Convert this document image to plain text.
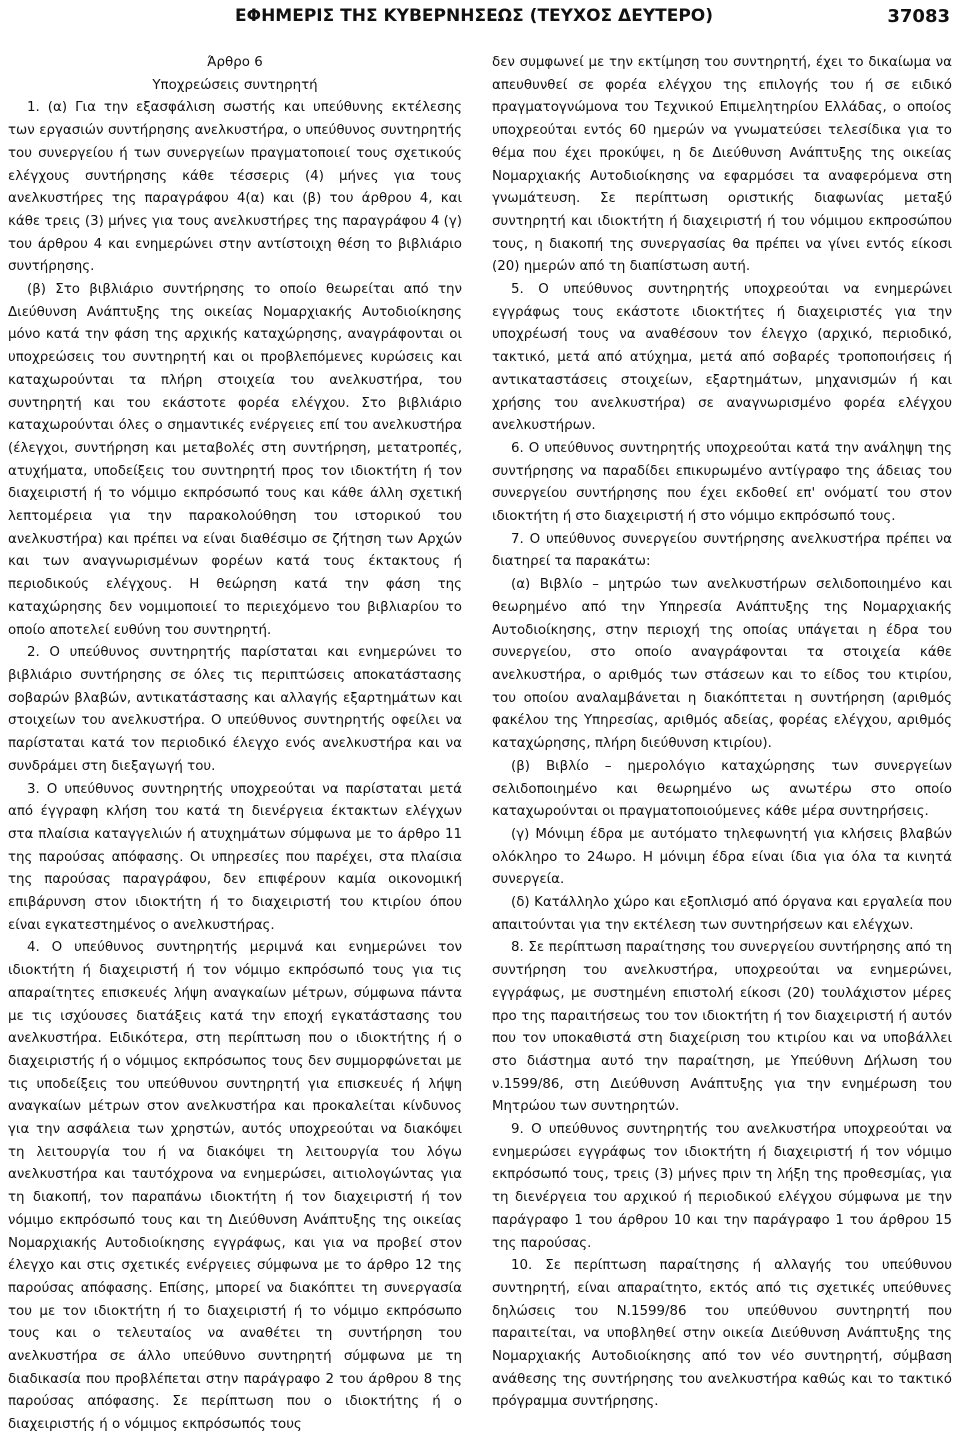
ΕΦΗΜΕΡΙΣ ΤΗΣ ΚΥΒΕΡΝΗΣΕΩΣ (ΤΕΥΧΟΣ ΔΕΥΤΕΡΟ)	37083

Άρθρο 6

Υποχρεώσεις συντηρητή

1. (α) Για την εξασφάλιση σωστής και υπεύθυνης εκτέλεσης των εργασιών συντήρησης ανελκυστήρα, ο υπεύθυνος συντηρητής του συνεργείου ή των συνεργείων πραγματοποιεί τους σχετικούς ελέγχους συντήρησης κάθε τέσσερις (4) μήνες για τους ανελκυστήρες της παραγράφου 4(α) και (β) του άρθρου 4, και κάθε τρεις (3) μήνες για τους ανελκυστήρες της παραγράφου 4 (γ) του άρθρου 4 και ενημερώνει στην αντίστοιχη θέση το βιβλιάριο συντήρησης.

(β) Στο βιβλιάριο συντήρησης το οποίο θεωρείται από την Διεύθυνση Ανάπτυξης της οικείας Νομαρχιακής Αυτοδιοίκησης μόνο κατά την φάση της αρχικής καταχώρησης, αναγράφονται οι υποχρεώσεις του συντηρητή και οι προβλεπόμενες κυρώσεις και καταχωρούνται τα πλήρη στοιχεία του ανελκυστήρα, του συντηρητή και του εκάστοτε φορέα ελέγχου. Στο βιβλιάριο καταχωρούνται όλες ο σημαντικές ενέργειες επί του ανελκυστήρα (έλεγχοι, συντήρηση και μεταβολές στη συντήρηση, μετατροπές, ατυχήματα, υποδείξεις του συντηρητή προς τον ιδιοκτήτη ή τον διαχειριστή ή το νόμιμο εκπρόσωπό τους και κάθε άλλη σχετική λεπτομέρεια για την παρακολούθηση του ιστορικού του ανελκυστήρα) και πρέπει να είναι διαθέσιμο σε ζήτηση των Αρχών και των αναγνωρισμένων φορέων κατά τους έκτακτους ή περιοδικούς ελέγχους. Η θεώρηση κατά την φάση της καταχώρησης δεν νομιμοποιεί το περιεχόμενο του βιβλιαρίου το οποίο αποτελεί ευθύνη του συντηρητή.

2. Ο υπεύθυνος συντηρητής παρίσταται και ενημερώνει το βιβλιάριο συντήρησης σε όλες τις περιπτώσεις αποκατάστασης σοβαρών βλαβών, αντικατάστασης και αλλαγής εξαρτημάτων και στοιχείων του ανελκυστήρα. Ο υπεύθυνος συντηρητής οφείλει να παρίσταται κατά τον περιοδικό έλεγχο ενός ανελκυστήρα και να συνδράμει στη διεξαγωγή του.

3. Ο υπεύθυνος συντηρητής υποχρεούται να παρίσταται μετά από έγγραφη κλήση του κατά τη διενέργεια έκτακτων ελέγχων στα πλαίσια καταγγελιών ή ατυχημάτων σύμφωνα με το άρθρο 11 της παρούσας απόφασης. Οι υπηρεσίες που παρέχει, στα πλαίσια της παρούσας παραγράφου, δεν επιφέρουν καμία οικονομική επιβάρυνση στον ιδιοκτήτη ή το διαχειριστή του κτιρίου όπου είναι εγκατεστημένος ο ανελκυστήρας.

4. Ο υπεύθυνος συντηρητής μεριμνά και ενημερώνει τον ιδιοκτήτη ή διαχειριστή ή τον νόμιμο εκπρόσωπό τους για τις απαραίτητες επισκευές λήψη αναγκαίων μέτρων, σύμφωνα πάντα με τις ισχύουσες διατάξεις κατά την εποχή εγκατάστασης του ανελκυστήρα. Ειδικότερα, στη περίπτωση που ο ιδιοκτήτης ή ο διαχειριστής ή ο νόμιμος εκπρόσωπος τους δεν συμμορφώνεται με τις υποδείξεις του υπεύθυνου συντηρητή για επισκευές ή λήψη αναγκαίων μέτρων στον ανελκυστήρα και προκαλείται κίνδυνος για την ασφάλεια των χρηστών, αυτός υποχρεούται να διακόψει τη λειτουργία του ή να διακόψει τη λειτουργία του λόγω ανελκυστήρα και ταυτόχρονα να ενημερώσει, αιτιολογώντας για τη διακοπή, τον παραπάνω ιδιοκτήτη ή τον διαχειριστή ή τον νόμιμο εκπρόσωπό τους και τη Διεύθυνση Ανάπτυξης της οικείας Νομαρχιακής Αυτοδιοίκησης εγγράφως, και για να προβεί στον έλεγχο και στις σχετικές ενέργειες σύμφωνα με το άρθρο 12 της παρούσας απόφασης. Επίσης, μπορεί να διακόπτει τη συνεργασία του με τον ιδιοκτήτη ή το διαχειριστή ή το νόμιμο εκπρόσωπο τους και ο τελευταίος να αναθέτει τη συντήρηση του ανελκυστήρα σε άλλο υπεύθυνο συντηρητή σύμφωνα με τη διαδικασία που προβλέπεται στην παράγραφο 2 του άρθρου 8 της παρούσας απόφασης. Σε περίπτωση που ο ιδιοκτήτης ή ο διαχειριστής ή ο νόμιμος εκπρόσωπός τους

δεν συμφωνεί με την εκτίμηση του συντηρητή, έχει το δικαίωμα να απευθυνθεί σε φορέα ελέγχου της επιλογής του ή σε ειδικό πραγματογνώμονα του Τεχνικού Επιμελητηρίου Ελλάδας, ο οποίος υποχρεούται εντός 60 ημερών να γνωματεύσει τελεσίδικα για το θέμα που έχει προκύψει, η δε Διεύθυνση Ανάπτυξης της οικείας Νομαρχιακής Αυτοδιοίκησης να εφαρμόσει τα αναφερόμενα στη γνωμάτευση. Σε περίπτωση οριστικής διαφωνίας μεταξύ συντηρητή και ιδιοκτήτη ή διαχειριστή ή του νόμιμου εκπροσώπου τους, η διακοπή της συνεργασίας θα πρέπει να γίνει εντός είκοσι (20) ημερών από τη διαπίστωση αυτή.

5. Ο υπεύθυνος συντηρητής υποχρεούται να ενημερώνει εγγράφως τους εκάστοτε ιδιοκτήτες ή διαχειριστές για την υποχρέωσή τους να αναθέσουν τον έλεγχο (αρχικό, περιοδικό, τακτικό, μετά από ατύχημα, μετά από σοβαρές τροποποιήσεις ή αντικαταστάσεις στοιχείων, εξαρτημάτων, μηχανισμών ή και χρήσης του ανελκυστήρα) σε αναγνωρισμένο φορέα ελέγχου ανελκυστήρων.

6. Ο υπεύθυνος συντηρητής υποχρεούται κατά την ανάληψη της συντήρησης να παραδίδει επικυρωμένο αντίγραφο της άδειας του συνεργείου συντήρησης που έχει εκδοθεί επ' ονόματί του στον ιδιοκτήτη ή στο διαχειριστή ή στο νόμιμο εκπρόσωπό τους.

7. Ο υπεύθυνος συνεργείου συντήρησης ανελκυστήρα πρέπει να διατηρεί τα παρακάτω:

(α) Βιβλίο – μητρώο των ανελκυστήρων σελιδοποιημένο και θεωρημένο από την Υπηρεσία Ανάπτυξης της Νομαρχιακής Αυτοδιοίκησης, στην περιοχή της οποίας υπάγεται η έδρα του συνεργείου, στο οποίο αναγράφονται τα στοιχεία κάθε ανελκυστήρα, ο αριθμός των στάσεων και το είδος του κτιρίου, του οποίου αναλαμβάνεται η διακόπτεται η συντήρηση (αριθμός φακέλου της Υπηρεσίας, αριθμός αδείας, φορέας ελέγχου, αριθμός καταχώρησης, πλήρη διεύθυνση κτιρίου).

(β) Βιβλίο – ημερολόγιο καταχώρησης των συνεργείων σελιδοποιημένο και θεωρημένο ως ανωτέρω στο οποίο καταχωρούνται οι πραγματοποιούμενες κάθε μέρα συντηρήσεις.

(γ) Μόνιμη έδρα με αυτόματο τηλεφωνητή για κλήσεις βλαβών ολόκληρο το 24ωρο. Η μόνιμη έδρα είναι ίδια για όλα τα κινητά συνεργεία.

(δ) Κατάλληλο χώρο και εξοπλισμό από όργανα και εργαλεία που απαιτούνται για την εκτέλεση των συντηρήσεων και ελέγχων.

8. Σε περίπτωση παραίτησης του συνεργείου συντήρησης από τη συντήρηση του ανελκυστήρα, υποχρεούται να ενημερώνει, εγγράφως, με συστημένη επιστολή είκοσι (20) τουλάχιστον μέρες προ της παραιτήσεως του τον ιδιοκτήτη ή τον διαχειριστή ή αυτόν που τον υποκαθιστά στη διαχείριση του κτιρίου και να υποβάλλει στο διάστημα αυτό την παραίτηση, με Υπεύθυνη Δήλωση του ν.1599/86, στη Διεύθυνση Ανάπτυξης για την ενημέρωση του Μητρώου των συντηρητών.

9. Ο υπεύθυνος συντηρητής του ανελκυστήρα υποχρεούται να ενημερώσει εγγράφως τον ιδιοκτήτη ή διαχειριστή ή τον νόμιμο εκπρόσωπό τους, τρεις (3) μήνες πριν τη λήξη της προθεσμίας, για τη διενέργεια του αρχικού ή περιοδικού ελέγχου σύμφωνα με την παράγραφο 1 του άρθρου 10 και την παράγραφο 1 του άρθρου 15 της παρούσας.

10. Σε περίπτωση παραίτησης ή αλλαγής του υπεύθυνου συντηρητή, είναι απαραίτητο, εκτός από τις σχετικές υπεύθυνες δηλώσεις του Ν.1599/86 του υπεύθυνου συντηρητή που παραιτείται, να υποβληθεί στην οικεία Διεύθυνση Ανάπτυξης της Νομαρχιακής Αυτοδιοίκησης από τον νέο συντηρητή, σύμβαση ανάθεσης της συντήρησης του ανελκυστήρα καθώς και το τακτικό πρόγραμμα συντήρησης.
